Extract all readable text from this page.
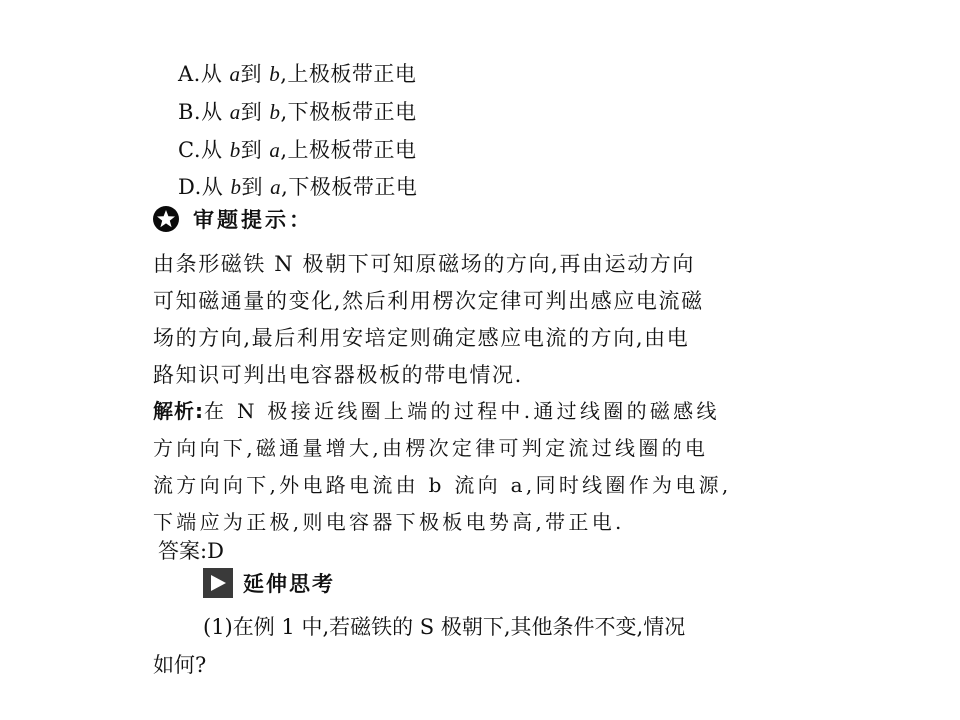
A.从 a到 b,上极板带正电
B.从 a到 b,下极板带正电
C.从 b到 a,上极板带正电
D.从 b到 a,下极板带正电
审题提示：
由条形磁铁 N 极朝下可知原磁场的方向,再由运动方向
可知磁通量的变化,然后利用楞次定律可判出感应电流磁
场的方向,最后利用安培定则确定感应电流的方向,由电
路知识可判出电容器极板的带电情况.
解析:在 N 极接近线圈上端的过程中.通过线圈的磁感线
方向向下,磁通量增大,由楞次定律可判定流过线圈的电
流方向向下,外电路电流由 b 流向 a,同时线圈作为电源,
下端应为正极,则电容器下极板电势高,带正电.
答案:D
延伸思考
(1)在例 1 中,若磁铁的 S 极朝下,其他条件不变,情况
如何?
